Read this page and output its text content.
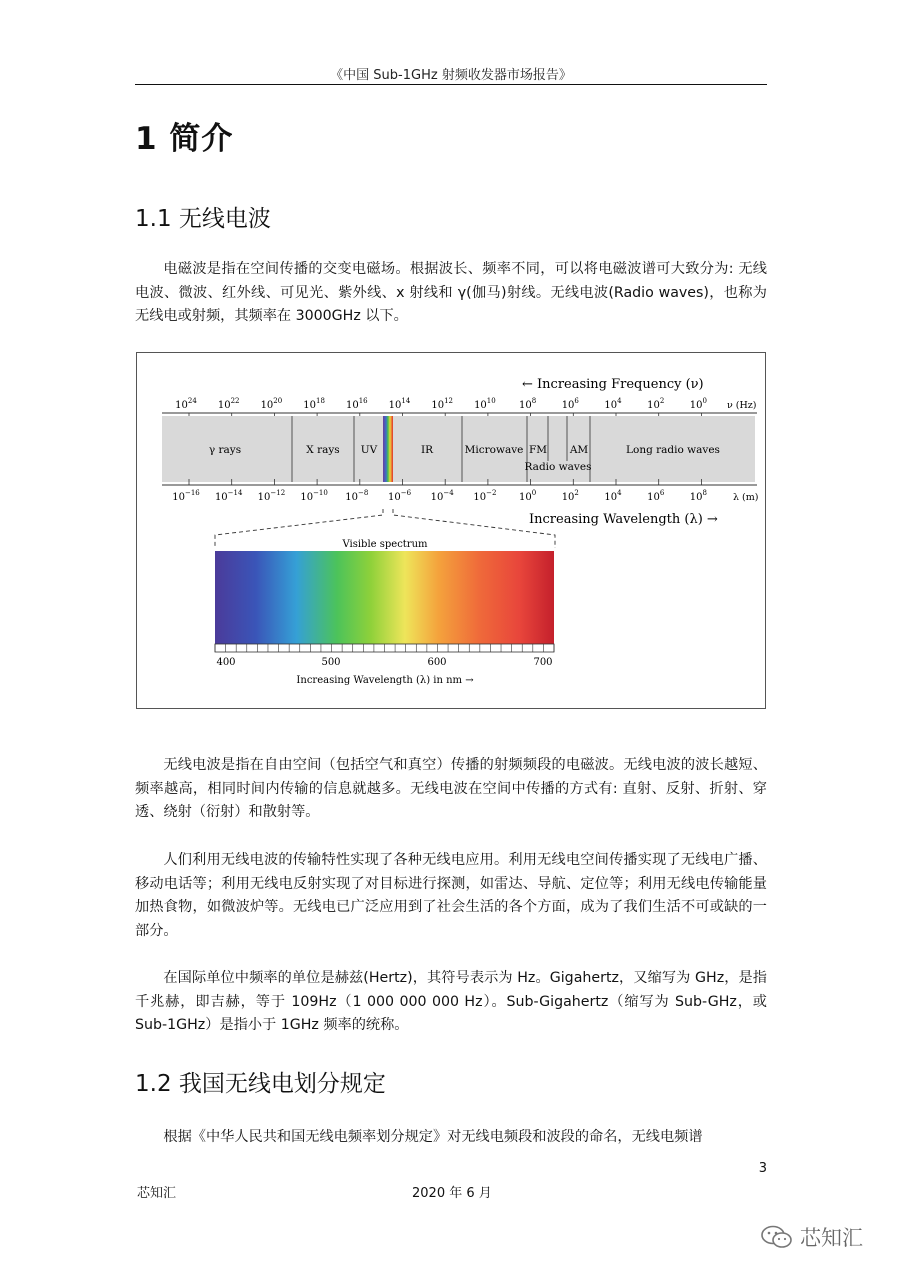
《中国 Sub-1GHz 射频收发器市场报告》
1 简介
1.1 无线电波
电磁波是指在空间传播的交变电磁场。根据波长、频率不同，可以将电磁波谱可大致分为: 无线电波、微波、红外线、可见光、紫外线、x 射线和 γ(伽马)射线。无线电波(Radio waves)，也称为无线电或射频，其频率在 3000GHz 以下。
← Increasing Frequency (ν)
$10^{24}$ $10^{22}$ $10^{20}$ $10^{18}$ $10^{16}$ $10^{14}$ $10^{12}$ $10^{10}$ $10^8$	$10^6$	$10^4$	$10^2$	$10^0$ ν (Hz)
γ rays	X rays UV	IR	Microwave FM AM	Long radio waves
Radio waves
$10^{-16}$ $10^{-14}$ $10^{-12}$ $10^{-10}$ $10^{-8}$ $10^{-6}$ $10^{-4}$ $10^{-2}$ $10^0$	$10^2$	$10^4$	$10^6$	$10^8$	λ (m)
Increasing Wavelength (λ) →
Visible spectrum
400	500	600	700
Increasing Wavelength (λ) in nm →
无线电波是指在自由空间（包括空气和真空）传播的射频频段的电磁波。无线电波的波长越短、频率越高，相同时间内传输的信息就越多。无线电波在空间中传播的方式有: 直射、反射、折射、穿透、绕射（衍射）和散射等。
人们利用无线电波的传输特性实现了各种无线电应用。利用无线电空间传播实现了无线电广播、移动电话等；利用无线电反射实现了对目标进行探测，如雷达、导航、定位等；利用无线电传输能量加热食物，如微波炉等。无线电已广泛应用到了社会生活的各个方面，成为了我们生活不可或缺的一部分。
在国际单位中频率的单位是赫兹(Hertz)，其符号表示为 Hz。Gigahertz，又缩写为 GHz，是指千兆赫，即吉赫，等于 109Hz（1 000 000 000 Hz）。Sub-Gigahertz（缩写为 Sub-GHz，或 Sub-1GHz）是指小于 1GHz 频率的统称。
1.2 我国无线电划分规定
根据《中华人民共和国无线电频率划分规定》对无线电频段和波段的命名，无线电频谱
3
芯知汇	2020 年 6 月
芯知汇
